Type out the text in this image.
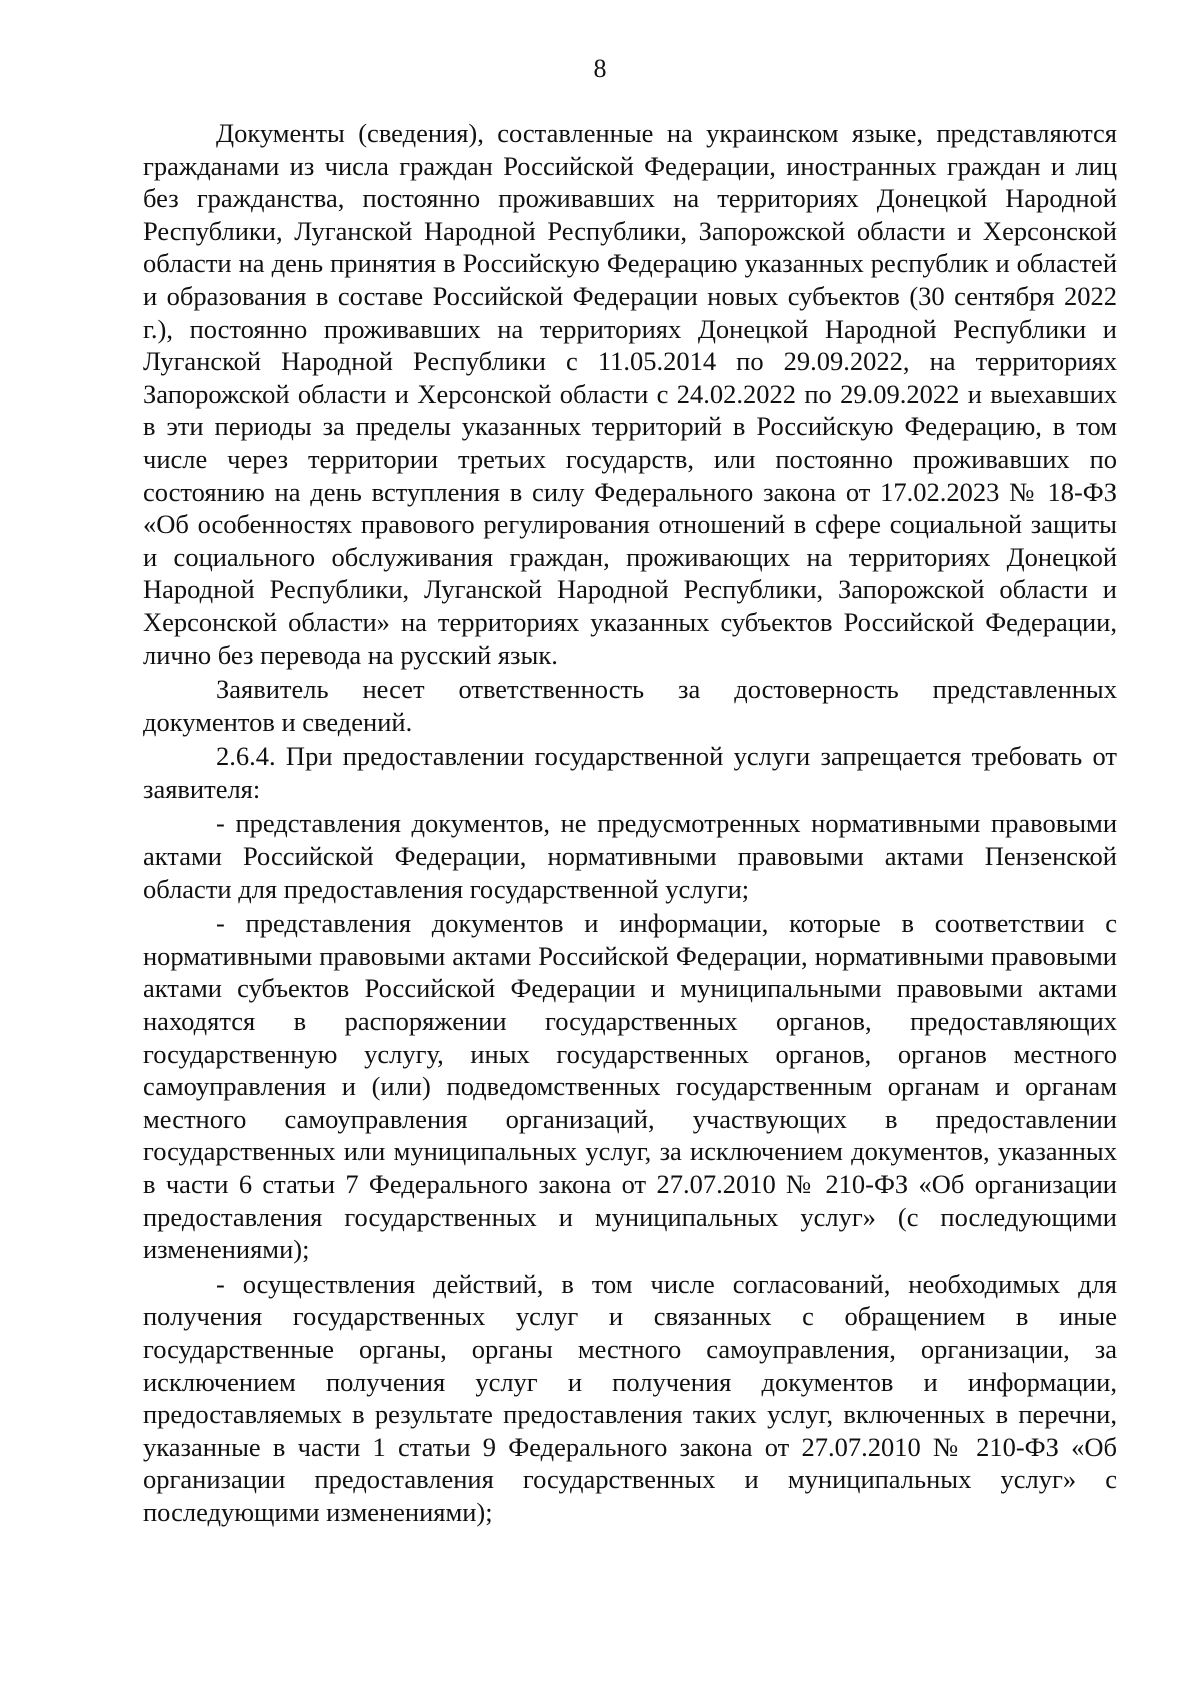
8

Документы (сведения), составленные на украинском языке, представляются гражданами из числа граждан Российской Федерации, иностранных граждан и лиц без гражданства, постоянно проживавших на территориях Донецкой Народной Республики, Луганской Народной Республики, Запорожской области и Херсонской области на день принятия в Российскую Федерацию указанных республик и областей и образования в составе Российской Федерации новых субъектов (30 сентября 2022 г.), постоянно проживавших на территориях Донецкой Народной Республики и Луганской Народной Республики с 11.05.2014 по 29.09.2022, на территориях Запорожской области и Херсонской области с 24.02.2022 по 29.09.2022 и выехавших в эти периоды за пределы указанных территорий в Российскую Федерацию, в том числе через территории третьих государств, или постоянно проживавших по состоянию на день вступления в силу Федерального закона от 17.02.2023 № 18-ФЗ «Об особенностях правового регулирования отношений в сфере социальной защиты и социального обслуживания граждан, проживающих на территориях Донецкой Народной Республики, Луганской Народной Республики, Запорожской области и Херсонской области» на территориях указанных субъектов Российской Федерации, лично без перевода на русский язык.

Заявитель несет ответственность за достоверность представленных документов и сведений.

2.6.4. При предоставлении государственной услуги запрещается требовать от заявителя:

- представления документов, не предусмотренных нормативными правовыми актами Российской Федерации, нормативными правовыми актами Пензенской области для предоставления государственной услуги;

- представления документов и информации, которые в соответствии с нормативными правовыми актами Российской Федерации, нормативными правовыми актами субъектов Российской Федерации и муниципальными правовыми актами находятся в распоряжении государственных органов, предоставляющих государственную услугу, иных государственных органов, органов местного самоуправления и (или) подведомственных государственным органам и органам местного самоуправления организаций, участвующих в предоставлении государственных или муниципальных услуг, за исключением документов, указанных в части 6 статьи 7 Федерального закона от 27.07.2010 № 210-ФЗ «Об организации предоставления государственных и муниципальных услуг» (с последующими изменениями);

- осуществления действий, в том числе согласований, необходимых для получения государственных услуг и связанных с обращением в иные государственные органы, органы местного самоуправления, организации, за исключением получения услуг и получения документов и информации, предоставляемых в результате предоставления таких услуг, включенных в перечни, указанные в части 1 статьи 9 Федерального закона от 27.07.2010 № 210-ФЗ «Об организации предоставления государственных и муниципальных услуг» с последующими изменениями);
